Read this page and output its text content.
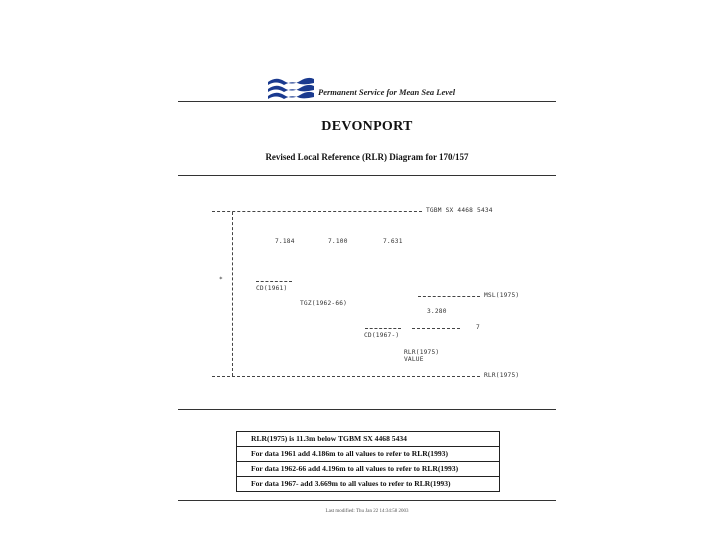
Permanent Service for Mean Sea Level
DEVONPORT
Revised Local Reference (RLR) Diagram for 170/157
TGBM SX 4468 5434
7.184	7.100	7.631
*
CD(1961)
TGZ(1962-66)
MSL(1975)
3.280
7
CD(1967-)
RLR(1975)
VALUE
RLR(1975)
RLR(1975) is 11.3m below TGBM SX 4468 5434
For data 1961 add 4.186m to all values to refer to RLR(1993)
For data 1962-66 add 4.196m to all values to refer to RLR(1993)
For data 1967- add 3.669m to all values to refer to RLR(1993)
Last modified: Thu Jan 22 14:34:58 2003
